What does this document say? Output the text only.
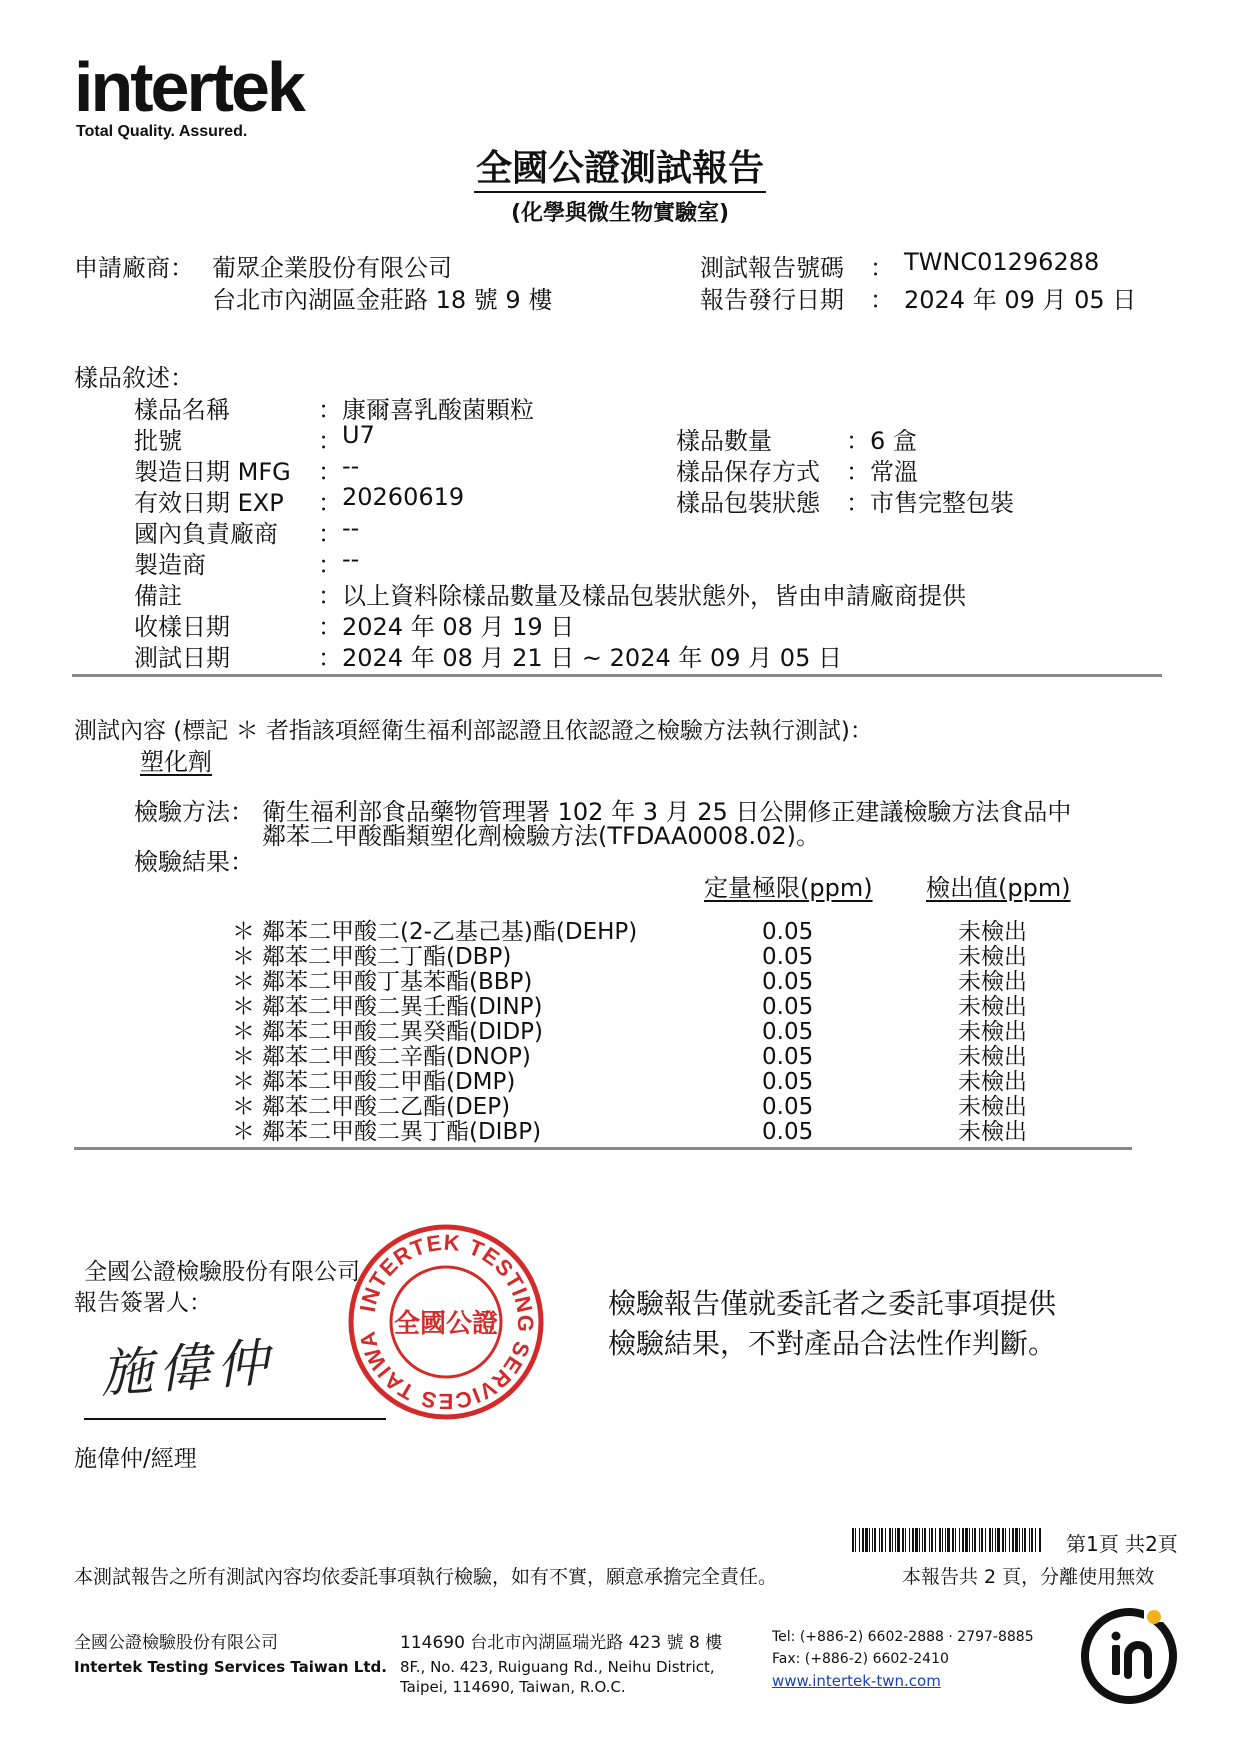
intertek
Total Quality. Assured.
全國公證測試報告
(化學與微生物實驗室)
申請廠商： 葡眾企業股份有限公司
台北市內湖區金莊路 18 號 9 樓
測試報告號碼 ： TWNC01296288
報告發行日期 ： 2024 年 09 月 05 日
樣品敘述：
樣品名稱	： 康爾喜乳酸菌顆粒
批號	： U7
製造日期 MFG ： --
有效日期 EXP ： 20260619
國內負責廠商 ： --
製造商	： --
備註	： 以上資料除樣品數量及樣品包裝狀態外，皆由申請廠商提供
收樣日期	： 2024 年 08 月 19 日
測試日期	： 2024 年 08 月 21 日 ~ 2024 年 09 月 05 日
樣品數量	： 6 盒
樣品保存方式 ： 常溫
樣品包裝狀態 ： 市售完整包裝
測試內容 (標記 ＊ 者指該項經衛生福利部認證且依認證之檢驗方法執行測試)：
塑化劑
檢驗方法： 衛生福利部食品藥物管理署 102 年 3 月 25 日公開修正建議檢驗方法食品中
鄰苯二甲酸酯類塑化劑檢驗方法(TFDAA0008.02)。
檢驗結果：
定量極限(ppm) 檢出值(ppm)
＊ 鄰苯二甲酸二(2-乙基己基)酯(DEHP)	0.05	未檢出
＊ 鄰苯二甲酸二丁酯(DBP)	0.05	未檢出
＊ 鄰苯二甲酸丁基苯酯(BBP)	0.05	未檢出
＊ 鄰苯二甲酸二異壬酯(DINP)	0.05	未檢出
＊ 鄰苯二甲酸二異癸酯(DIDP)	0.05	未檢出
＊ 鄰苯二甲酸二辛酯(DNOP)	0.05	未檢出
＊ 鄰苯二甲酸二甲酯(DMP)	0.05	未檢出
＊ 鄰苯二甲酸二乙酯(DEP)	0.05	未檢出
＊ 鄰苯二甲酸二異丁酯(DIBP)	0.05	未檢出
全國公證檢驗股份有限公司
報告簽署人：
施偉仲
施偉仲/經理
INTERTEK TESTING SERVICES TAIWA
全國公證
檢驗報告僅就委託者之委託事項提供
檢驗結果，不對產品合法性作判斷。
第1頁 共2頁
本測試報告之所有測試內容均依委託事項執行檢驗，如有不實，願意承擔完全責任。	本報告共 2 頁，分離使用無效
全國公證檢驗股份有限公司
Intertek Testing Services Taiwan Ltd.
114690 台北市內湖區瑞光路 423 號 8 樓
8F., No. 423, Ruiguang Rd., Neihu District,
Taipei, 114690, Taiwan, R.O.C.
Tel: (+886-2) 6602-2888 · 2797-8885
Fax: (+886-2) 6602-2410
www.intertek-twn.com
